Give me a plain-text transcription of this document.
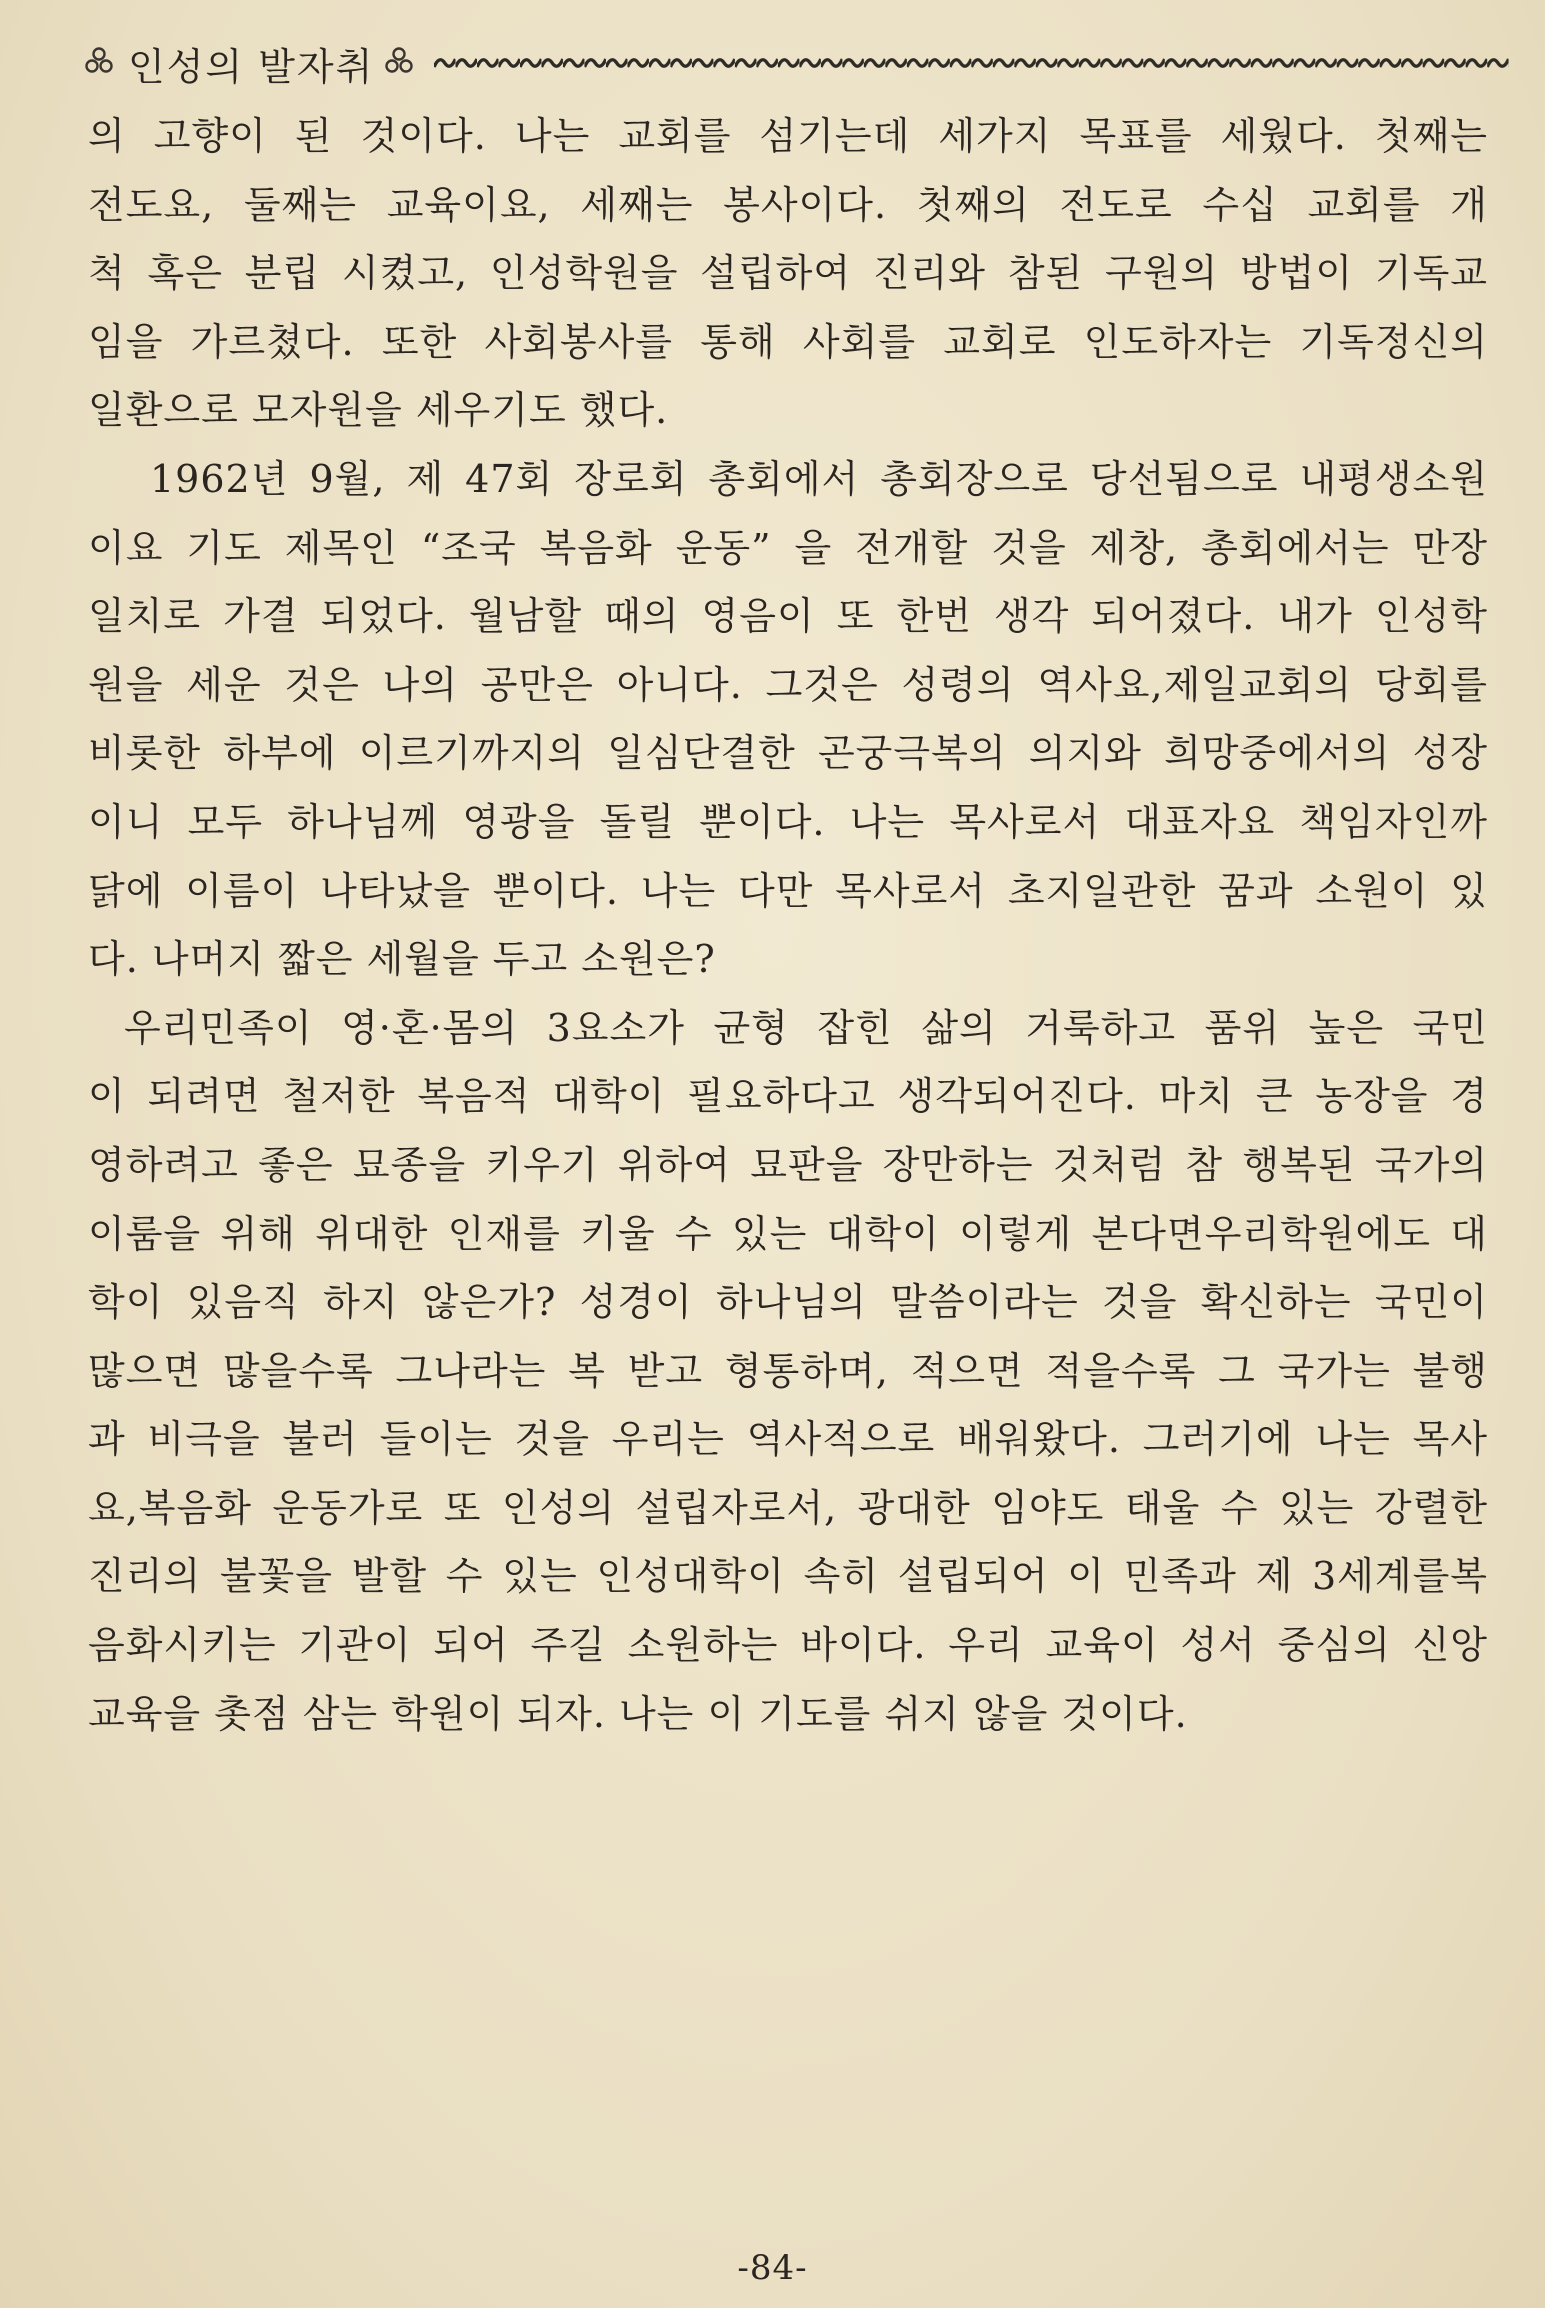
인성의 발자취
의 고향이 된 것이다. 나는 교회를 섬기는데 세가지 목표를 세웠다. 첫째는
전도요, 둘째는 교육이요, 세째는 봉사이다. 첫째의 전도로 수십 교회를 개
척 혹은 분립 시켰고, 인성학원을 설립하여 진리와 참된 구원의 방법이 기독교
임을 가르쳤다. 또한 사회봉사를 통해 사회를 교회로 인도하자는 기독정신의
일환으로 모자원을 세우기도 했다.
1962년 9월, 제 47회 장로회 총회에서 총회장으로 당선됨으로 내평생소원
이요 기도 제목인 “조국 복음화 운동” 을 전개할 것을 제창, 총회에서는 만장
일치로 가결 되었다. 월남할 때의 영음이 또 한번 생각 되어졌다. 내가 인성학
원을 세운 것은 나의 공만은 아니다. 그것은 성령의 역사요,제일교회의 당회를
비롯한 하부에 이르기까지의 일심단결한 곤궁극복의 의지와 희망중에서의 성장
이니 모두 하나님께 영광을 돌릴 뿐이다. 나는 목사로서 대표자요 책임자인까
닭에 이름이 나타났을 뿐이다. 나는 다만 목사로서 초지일관한 꿈과 소원이 있
다. 나머지 짧은 세월을 두고 소원은?
우리민족이 영·혼·몸의 3요소가 균형 잡힌 삶의 거룩하고 품위 높은 국민
이 되려면 철저한 복음적 대학이 필요하다고 생각되어진다. 마치 큰 농장을 경
영하려고 좋은 묘종을 키우기 위하여 묘판을 장만하는 것처럼 참 행복된 국가의
이룸을 위해 위대한 인재를 키울 수 있는 대학이 이렇게 본다면우리학원에도 대
학이 있음직 하지 않은가? 성경이 하나님의 말씀이라는 것을 확신하는 국민이
많으면 많을수록 그나라는 복 받고 형통하며, 적으면 적을수록 그 국가는 불행
과 비극을 불러 들이는 것을 우리는 역사적으로 배워왔다. 그러기에 나는 목사
요,복음화 운동가로 또 인성의 설립자로서, 광대한 임야도 태울 수 있는 강렬한
진리의 불꽃을 발할 수 있는 인성대학이 속히 설립되어 이 민족과 제 3세계를복
음화시키는 기관이 되어 주길 소원하는 바이다. 우리 교육이 성서 중심의 신앙
교육을 촛점 삼는 학원이 되자. 나는 이 기도를 쉬지 않을 것이다.
-84-
